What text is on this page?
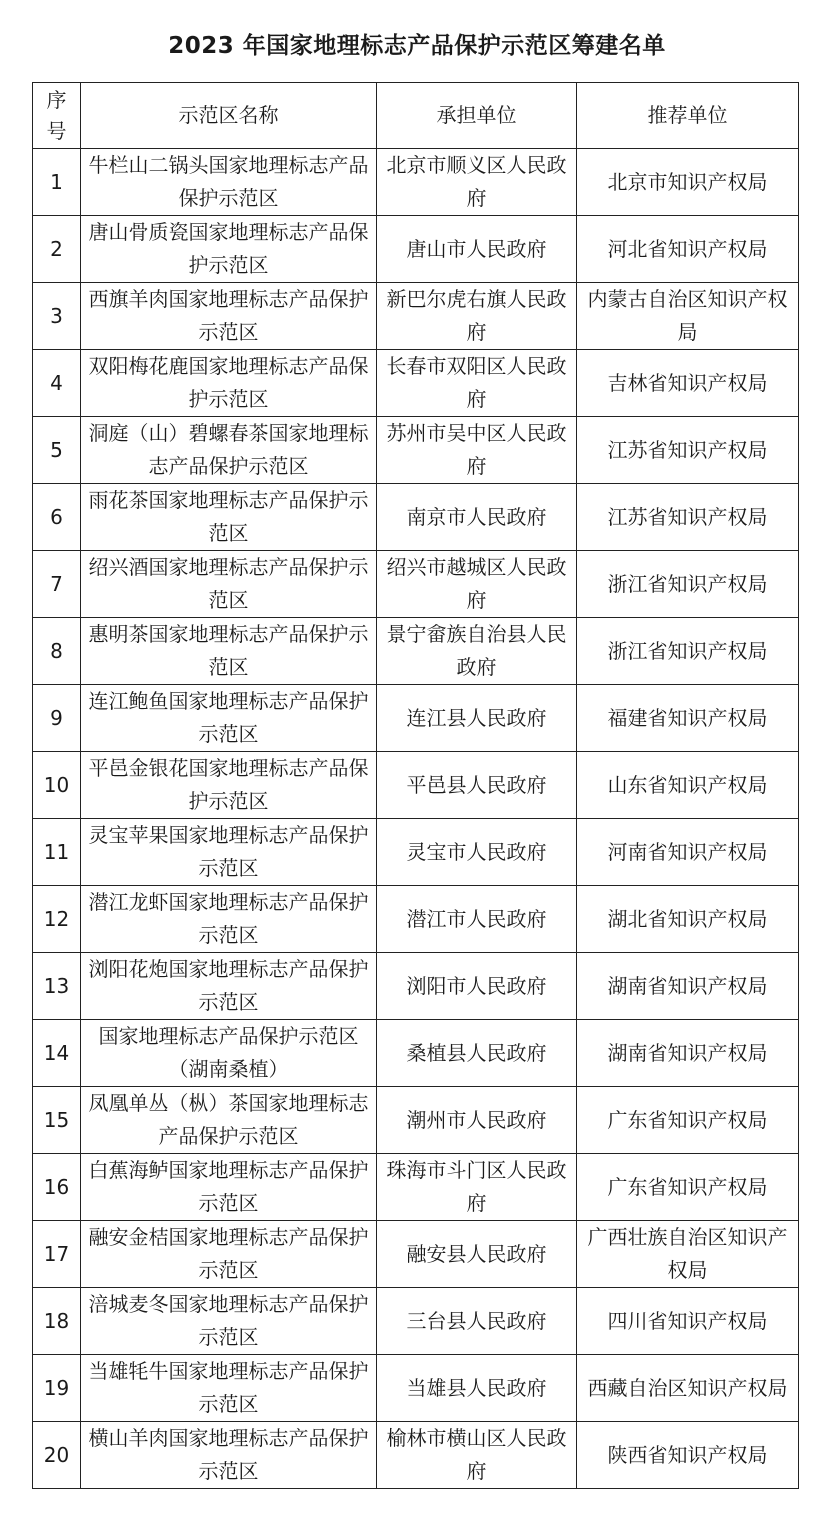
2023 年国家地理标志产品保护示范区筹建名单
序号	示范区名称	承担单位	推荐单位
1	牛栏山二锅头国家地理标志产品保护示范区	北京市顺义区人民政府	北京市知识产权局
2	唐山骨质瓷国家地理标志产品保护示范区	唐山市人民政府	河北省知识产权局
3	西旗羊肉国家地理标志产品保护示范区	新巴尔虎右旗人民政府	内蒙古自治区知识产权局
4	双阳梅花鹿国家地理标志产品保护示范区	长春市双阳区人民政府	吉林省知识产权局
5	洞庭（山）碧螺春茶国家地理标志产品保护示范区	苏州市吴中区人民政府	江苏省知识产权局
6	雨花茶国家地理标志产品保护示范区	南京市人民政府	江苏省知识产权局
7	绍兴酒国家地理标志产品保护示范区	绍兴市越城区人民政府	浙江省知识产权局
8	惠明茶国家地理标志产品保护示范区	景宁畲族自治县人民政府	浙江省知识产权局
9	连江鲍鱼国家地理标志产品保护示范区	连江县人民政府	福建省知识产权局
10	平邑金银花国家地理标志产品保护示范区	平邑县人民政府	山东省知识产权局
11	灵宝苹果国家地理标志产品保护示范区	灵宝市人民政府	河南省知识产权局
12	潜江龙虾国家地理标志产品保护示范区	潜江市人民政府	湖北省知识产权局
13	浏阳花炮国家地理标志产品保护示范区	浏阳市人民政府	湖南省知识产权局
14	国家地理标志产品保护示范区（湖南桑植）	桑植县人民政府	湖南省知识产权局
15	凤凰单丛（枞）茶国家地理标志产品保护示范区	潮州市人民政府	广东省知识产权局
16	白蕉海鲈国家地理标志产品保护示范区	珠海市斗门区人民政府	广东省知识产权局
17	融安金桔国家地理标志产品保护示范区	融安县人民政府	广西壮族自治区知识产权局
18	涪城麦冬国家地理标志产品保护示范区	三台县人民政府	四川省知识产权局
19	当雄牦牛国家地理标志产品保护示范区	当雄县人民政府	西藏自治区知识产权局
20	横山羊肉国家地理标志产品保护示范区	榆林市横山区人民政府	陕西省知识产权局
